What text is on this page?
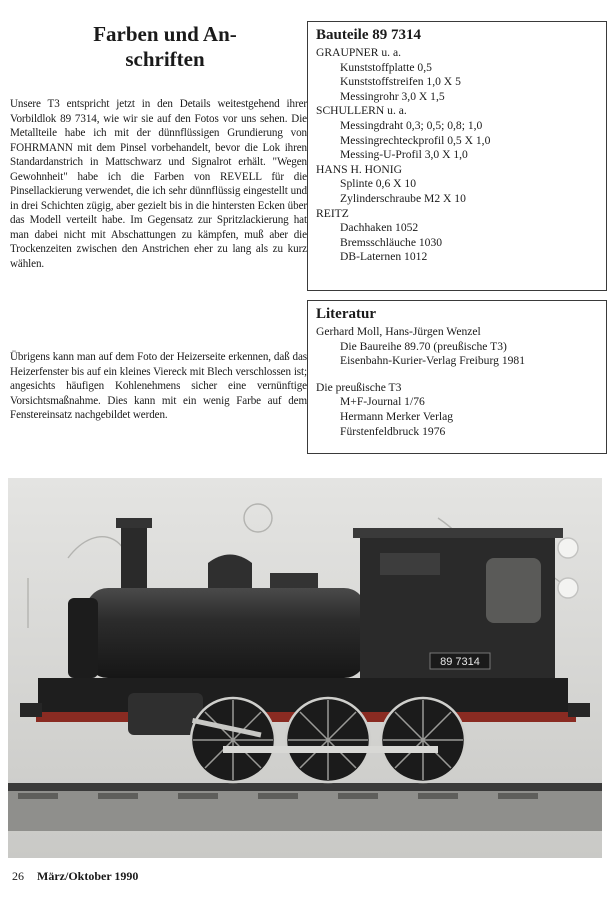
Farben und An-
schriften

Unsere T3 entspricht jetzt in den Details weitestgehend ihrer Vorbildlok 89 7314, wie wir sie auf den Fotos vor uns sehen. Die Metallteile habe ich mit der dünnflüssigen Grundierung von FOHRMANN mit dem Pinsel vorbehandelt, bevor die Lok ihren Standardanstrich in Mattschwarz und Signalrot erhält. "Wegen Gewohnheit" habe ich die Farben von REVELL für die Pinsellackierung verwendet, die ich sehr dünnflüssig eingestellt und in drei Schichten zügig, aber gezielt bis in die hintersten Ecken über das Modell verteilt habe. Im Gegensatz zur Spritzlackierung hat man dabei nicht mit Abschattungen zu kämpfen, muß aber die Trockenzeiten zwischen den Anstrichen eher zu lang als zu kurz wählen.

Übrigens kann man auf dem Foto der Heizerseite erkennen, daß das Heizerfenster bis auf ein kleines Viereck mit Blech verschlossen ist; angesichts häufigen Kohlenehmens sicher eine vernünftige Vorsichtsmaßnahme. Dies kann mit ein wenig Farbe auf dem Fenstereinsatz nachgebildet werden.

Bauteile 89 7314
GRAUPNER u. a.
Kunststoffplatte 0,5
Kunststoffstreifen 1,0 X 5
Messingrohr 3,0 X 1,5
SCHULLERN u. a.
Messingdraht 0,3; 0,5; 0,8; 1,0
Messingrechteckprofil 0,5 X 1,0
Messing-U-Profil 3,0 X 1,0
HANS H. HONIG
Splinte 0,6 X 10
Zylinderschraube M2 X 10
REITZ
Dachhaken 1052
Bremsschläuche 1030
DB-Laternen 1012
Literatur
Gerhard Moll, Hans-Jürgen Wenzel
Die Baureihe 89.70 (preußische T3)
Eisenbahn-Kurier-Verlag Freiburg 1981
Die preußische T3
M+F-Journal 1/76
Hermann Merker Verlag
Fürstenfeldbruck 1976
89 7314
26 März/Oktober 1990
